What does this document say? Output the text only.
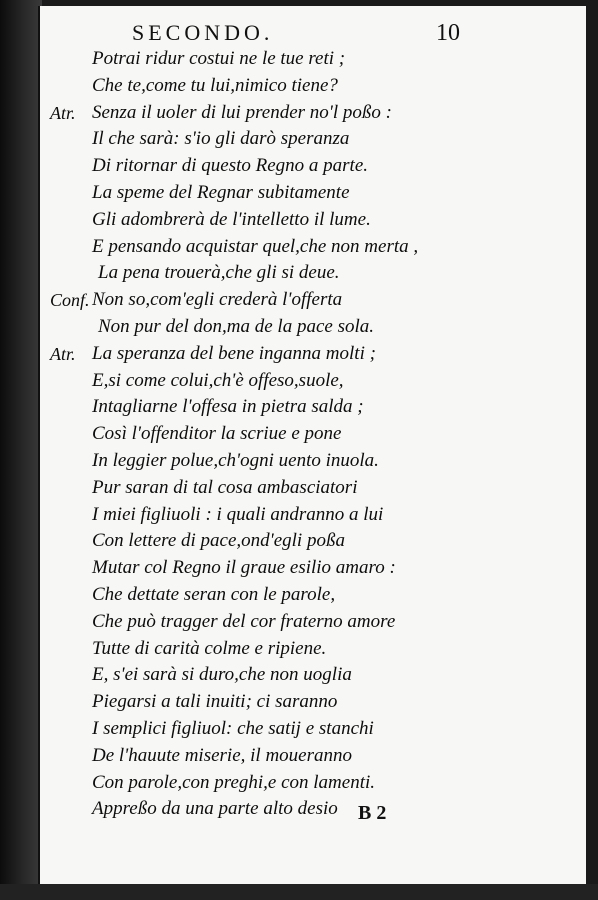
SECONDO.	10
Potrai ridur costui ne le tue reti ;
Che te,come tu lui,nimico tiene?
Atr. Senza il uoler di lui prender no'l poßo :
Il che sarà: s'io gli darò speranza
Di ritornar di questo Regno a parte.
La speme del Regnar subitamente
Gli adombrerà de l'intelletto il lume.
E pensando acquistar quel,che non merta ,
La pena trouerà,che gli si deue.
Conf. Non so,com'egli crederà l'offerta
Non pur del don,ma de la pace sola.
Atr. La speranza del bene inganna molti ;
E,si come colui,ch'è offeso,suole,
Intagliarne l'offesa in pietra salda ;
Così l'offenditor la scriue e pone
In leggier polue,ch'ogni uento inuola.
Pur saran di tal cosa ambasciatori
I miei figliuoli : i quali andranno a lui
Con lettere di pace,ond'egli poßa
Mutar col Regno il graue esilio amaro :
Che dettate seran con le parole,
Che può tragger del cor fraterno amore
Tutte di carità colme e ripiene.
E, s'ei sarà si duro,che non uoglia
Piegarsi a tali inuiti; ci saranno
I semplici figliuol: che satij e stanchi
De l'hauute miserie, il moueranno
Con parole,con preghi,e con lamenti.
Appreßo da una parte alto desio B 2
